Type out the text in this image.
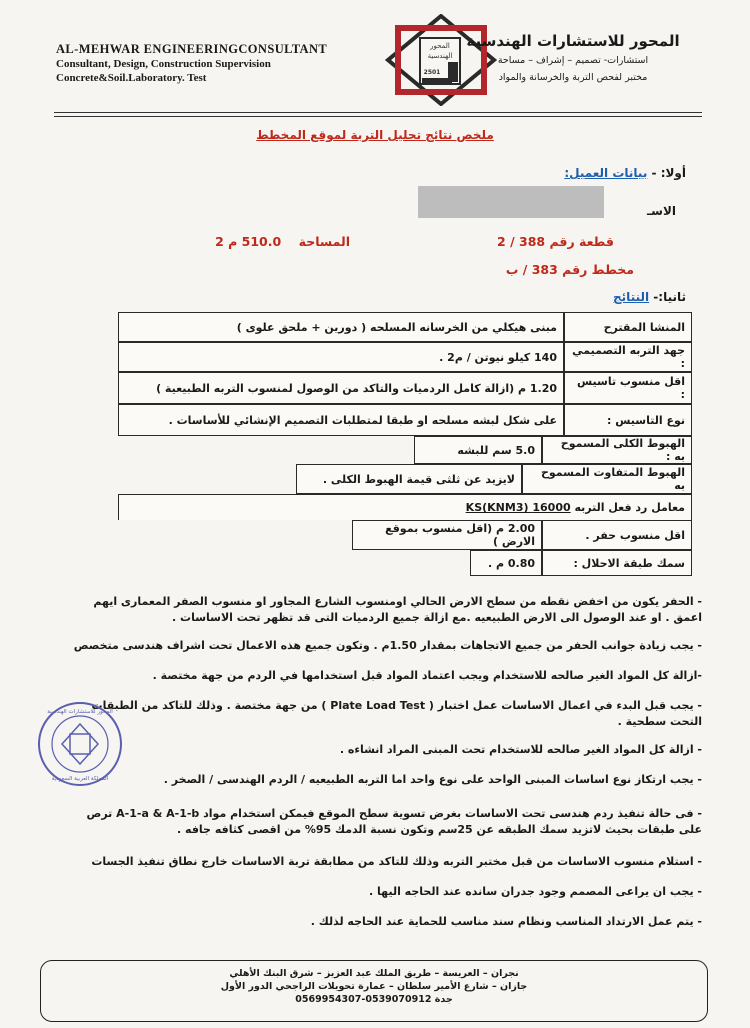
AL-MEHWAR ENGINEERINGCONSULTANT
Consultant, Design, Construction Supervision
Concrete&Soil.Laboratory. Test
المحور
الهندسية
2501
المحور للاستشارات الهندسية
استشارات- تصميم – إشراف – مساحة
مختبر لفحص التربة والخرسانة والمواد
ملخص نتائج تحليل التربة لموقع المخطط
أولا: - بيانات العميل:
الاسـ
قطعة رقم 388 / 2
المساحة    510.0 م 2
مخطط رقم 383 / ب
ثانيا:- النتائج
المنشا المقترح
مبنى هيكلي من الخرسانه المسلحه ( دورين + ملحق علوى )
جهد التربه التصميمي :
140 كيلو نيوتن / م2 .
اقل منسوب تاسيس :
1.20 م (ازالة كامل الردميات والتاكد من الوصول لمنسوب التربه الطبيعية )
نوع التاسيس :
على شكل لبشه مسلحه او طبقا لمتطلبات التصميم الإنشائي للأساسات .
الهبوط الكلى المسموح به :
5.0 سم للبشه
الهبوط المتفاوت المسموح به
لايزيد عن ثلثى قيمة الهبوط الكلى .
معامل رد فعل التربه

16000 KS(KNM3)
اقل منسوب حفر .
2.00 م (اقل منسوب بموقع الارض )
سمك طبقة الاحلال :
0.80 م .
- الحفر يكون من اخفض نقطه من سطح الارض الحالي اومنسوب الشارع المجاور او منسوب الصفر المعمارى ايهم اعمق . او عند الوصول الى الارض الطبيعيه .مع ازالة جميع الردميات التى قد تظهر تحت الاساسات .
- يجب زيادة جوانب الحفر من جميع الاتجاهات بمقدار 1.50م . وتكون جميع هذه الاعمال تحت اشراف هندسى متخصص
-ازالة كل المواد الغير صالحه للاستخدام ويجب اعتماد المواد قبل استخدامها في الردم من جهة مختصة .
- يجب قبل البدء في اعمال الاساسات عمل اختبار ( Plate Load Test ) من جهة مختصة . وذلك للتاكد من الطبقات التحت سطحية .
- ازالة كل المواد الغير صالحه للاستخدام تحت المبنى المراد انشاءه .
- يجب ارتكاز نوع اساسات المبنى الواحد على نوع واحد اما التربه الطبيعيه / الردم الهندسى / الصخر .
- فى حالة تنفيذ ردم هندسى تحت الاساسات بغرض تسوية سطح الموقع فيمكن استخدام مواد A-1-a & A-1-b ترص على طبقات بحيث لاتزيد سمك الطبقه عن 25سم وتكون نسبة الدمك 95% من اقصى كثافه جافه .
- استلام منسوب الاساسات من قبل مختبر التربه وذلك للتاكد من مطابقة تربة الاساسات خارج نطاق تنفيذ الجسات
- يجب ان يراعى المصمم وجود جدران سانده عند الحاجه اليها .
- يتم عمل الارتداد المناسب ونظام سند مناسب للحماية عند الحاجه لذلك .
المحور للاستشارات الهندسية
المملكة العربية السعودية
نجران – العريسة – طريق الملك عبد العزيز – شرق البنك الأهلي
جازان – شارع الأمير سلطان – عمارة تحويلات الراجحي الدور الأول
جدة 0539070912-0569954307
